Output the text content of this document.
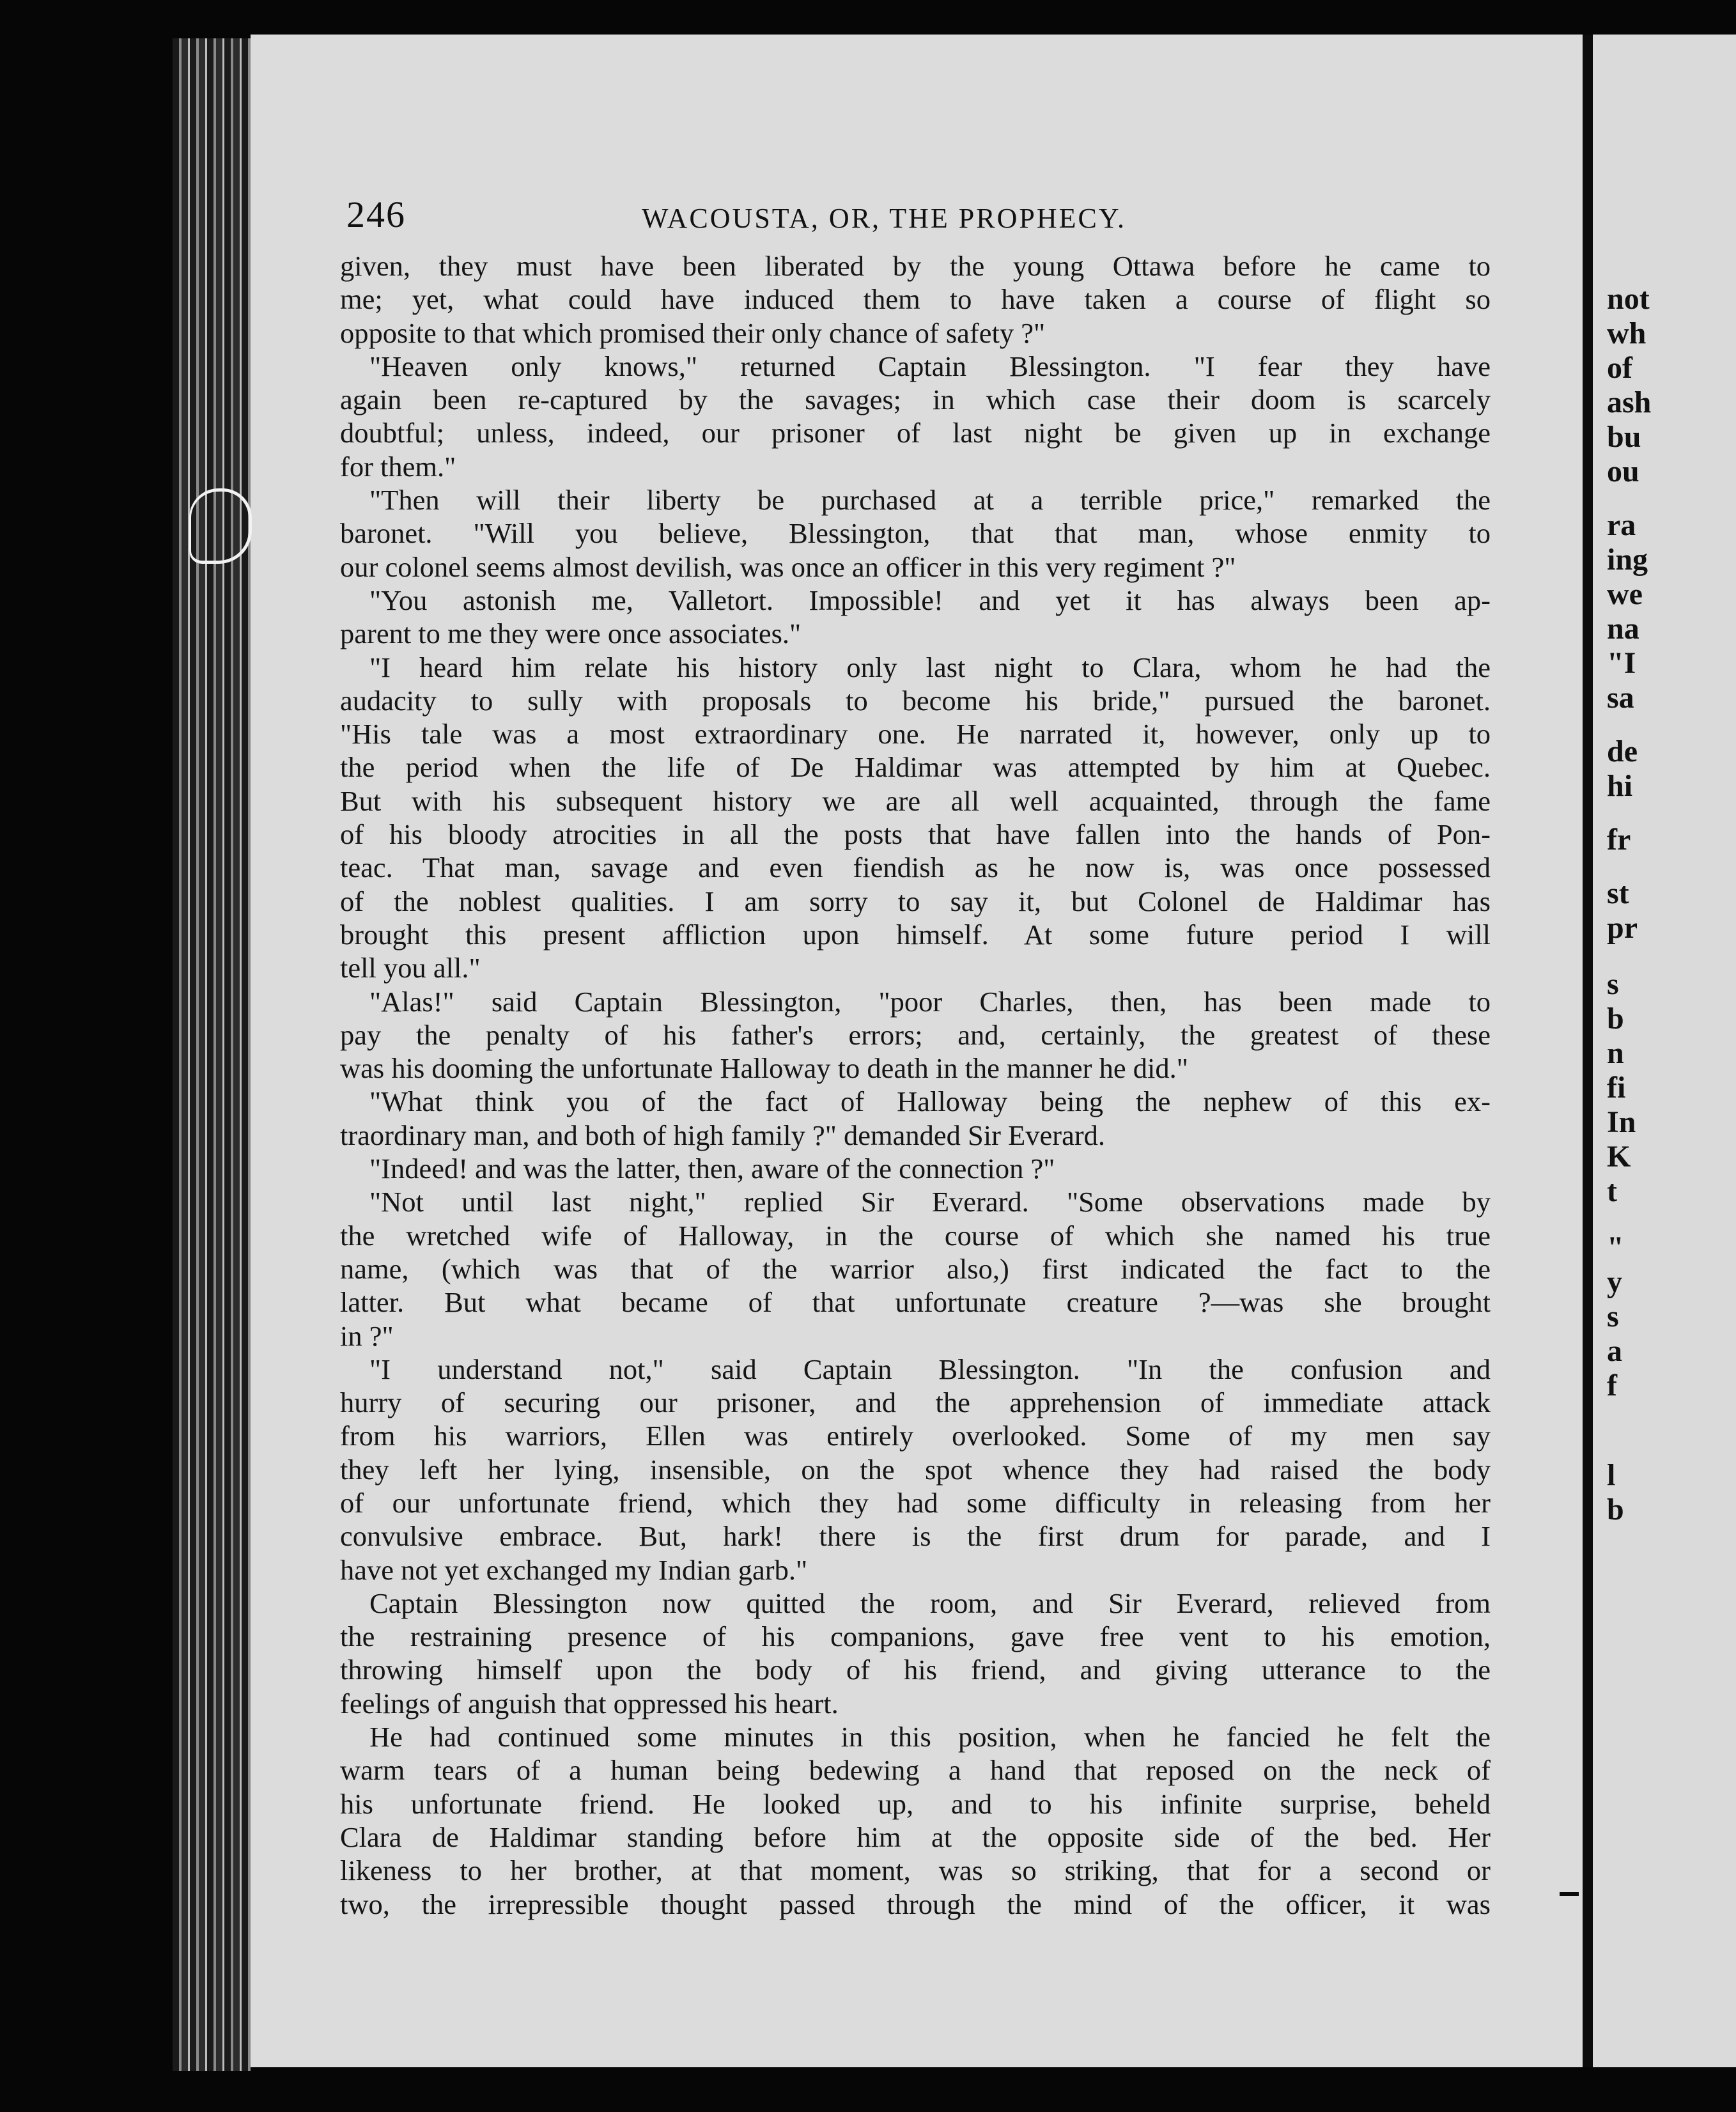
246	WACOUSTA, OR, THE PROPHECY.
given, they must have been liberated by the young Ottawa before he came to
me; yet, what could have induced them to have taken a course of flight so
opposite to that which promised their only chance of safety ?"
"Heaven only knows," returned Captain Blessington. "I fear they have
again been re-captured by the savages; in which case their doom is scarcely
doubtful; unless, indeed, our prisoner of last night be given up in exchange
for them."
"Then will their liberty be purchased at a terrible price," remarked the
baronet. "Will you believe, Blessington, that that man, whose enmity to
our colonel seems almost devilish, was once an officer in this very regiment ?"
"You astonish me, Valletort. Impossible! and yet it has always been ap-
parent to me they were once associates."
"I heard him relate his history only last night to Clara, whom he had the
audacity to sully with proposals to become his bride," pursued the baronet.
"His tale was a most extraordinary one. He narrated it, however, only up to
the period when the life of De Haldimar was attempted by him at Quebec.
But with his subsequent history we are all well acquainted, through the fame
of his bloody atrocities in all the posts that have fallen into the hands of Pon-
teac. That man, savage and even fiendish as he now is, was once possessed
of the noblest qualities. I am sorry to say it, but Colonel de Haldimar has
brought this present affliction upon himself. At some future period I will
tell you all."
"Alas!" said Captain Blessington, "poor Charles, then, has been made to
pay the penalty of his father's errors; and, certainly, the greatest of these
was his dooming the unfortunate Halloway to death in the manner he did."
"What think you of the fact of Halloway being the nephew of this ex-
traordinary man, and both of high family ?" demanded Sir Everard.
"Indeed! and was the latter, then, aware of the connection ?"
"Not until last night," replied Sir Everard. "Some observations made by
the wretched wife of Halloway, in the course of which she named his true
name, (which was that of the warrior also,) first indicated the fact to the
latter. But what became of that unfortunate creature ?—was she brought
in ?"
"I understand not," said Captain Blessington. "In the confusion and
hurry of securing our prisoner, and the apprehension of immediate attack
from his warriors, Ellen was entirely overlooked. Some of my men say
they left her lying, insensible, on the spot whence they had raised the body
of our unfortunate friend, which they had some difficulty in releasing from her
convulsive embrace. But, hark! there is the first drum for parade, and I
have not yet exchanged my Indian garb."
Captain Blessington now quitted the room, and Sir Everard, relieved from
the restraining presence of his companions, gave free vent to his emotion,
throwing himself upon the body of his friend, and giving utterance to the
feelings of anguish that oppressed his heart.
He had continued some minutes in this position, when he fancied he felt the
warm tears of a human being bedewing a hand that reposed on the neck of
his unfortunate friend. He looked up, and to his infinite surprise, beheld
Clara de Haldimar standing before him at the opposite side of the bed. Her
likeness to her brother, at that moment, was so striking, that for a second or
two, the irrepressible thought passed through the mind of the officer, it was
not
wh
of
ash
bu
ou
ra
ing
we
na
"I
sa
de
hi
fr
st
pr
s
b
n
fi
In
K
t
"
y
s
a
f
l
b
